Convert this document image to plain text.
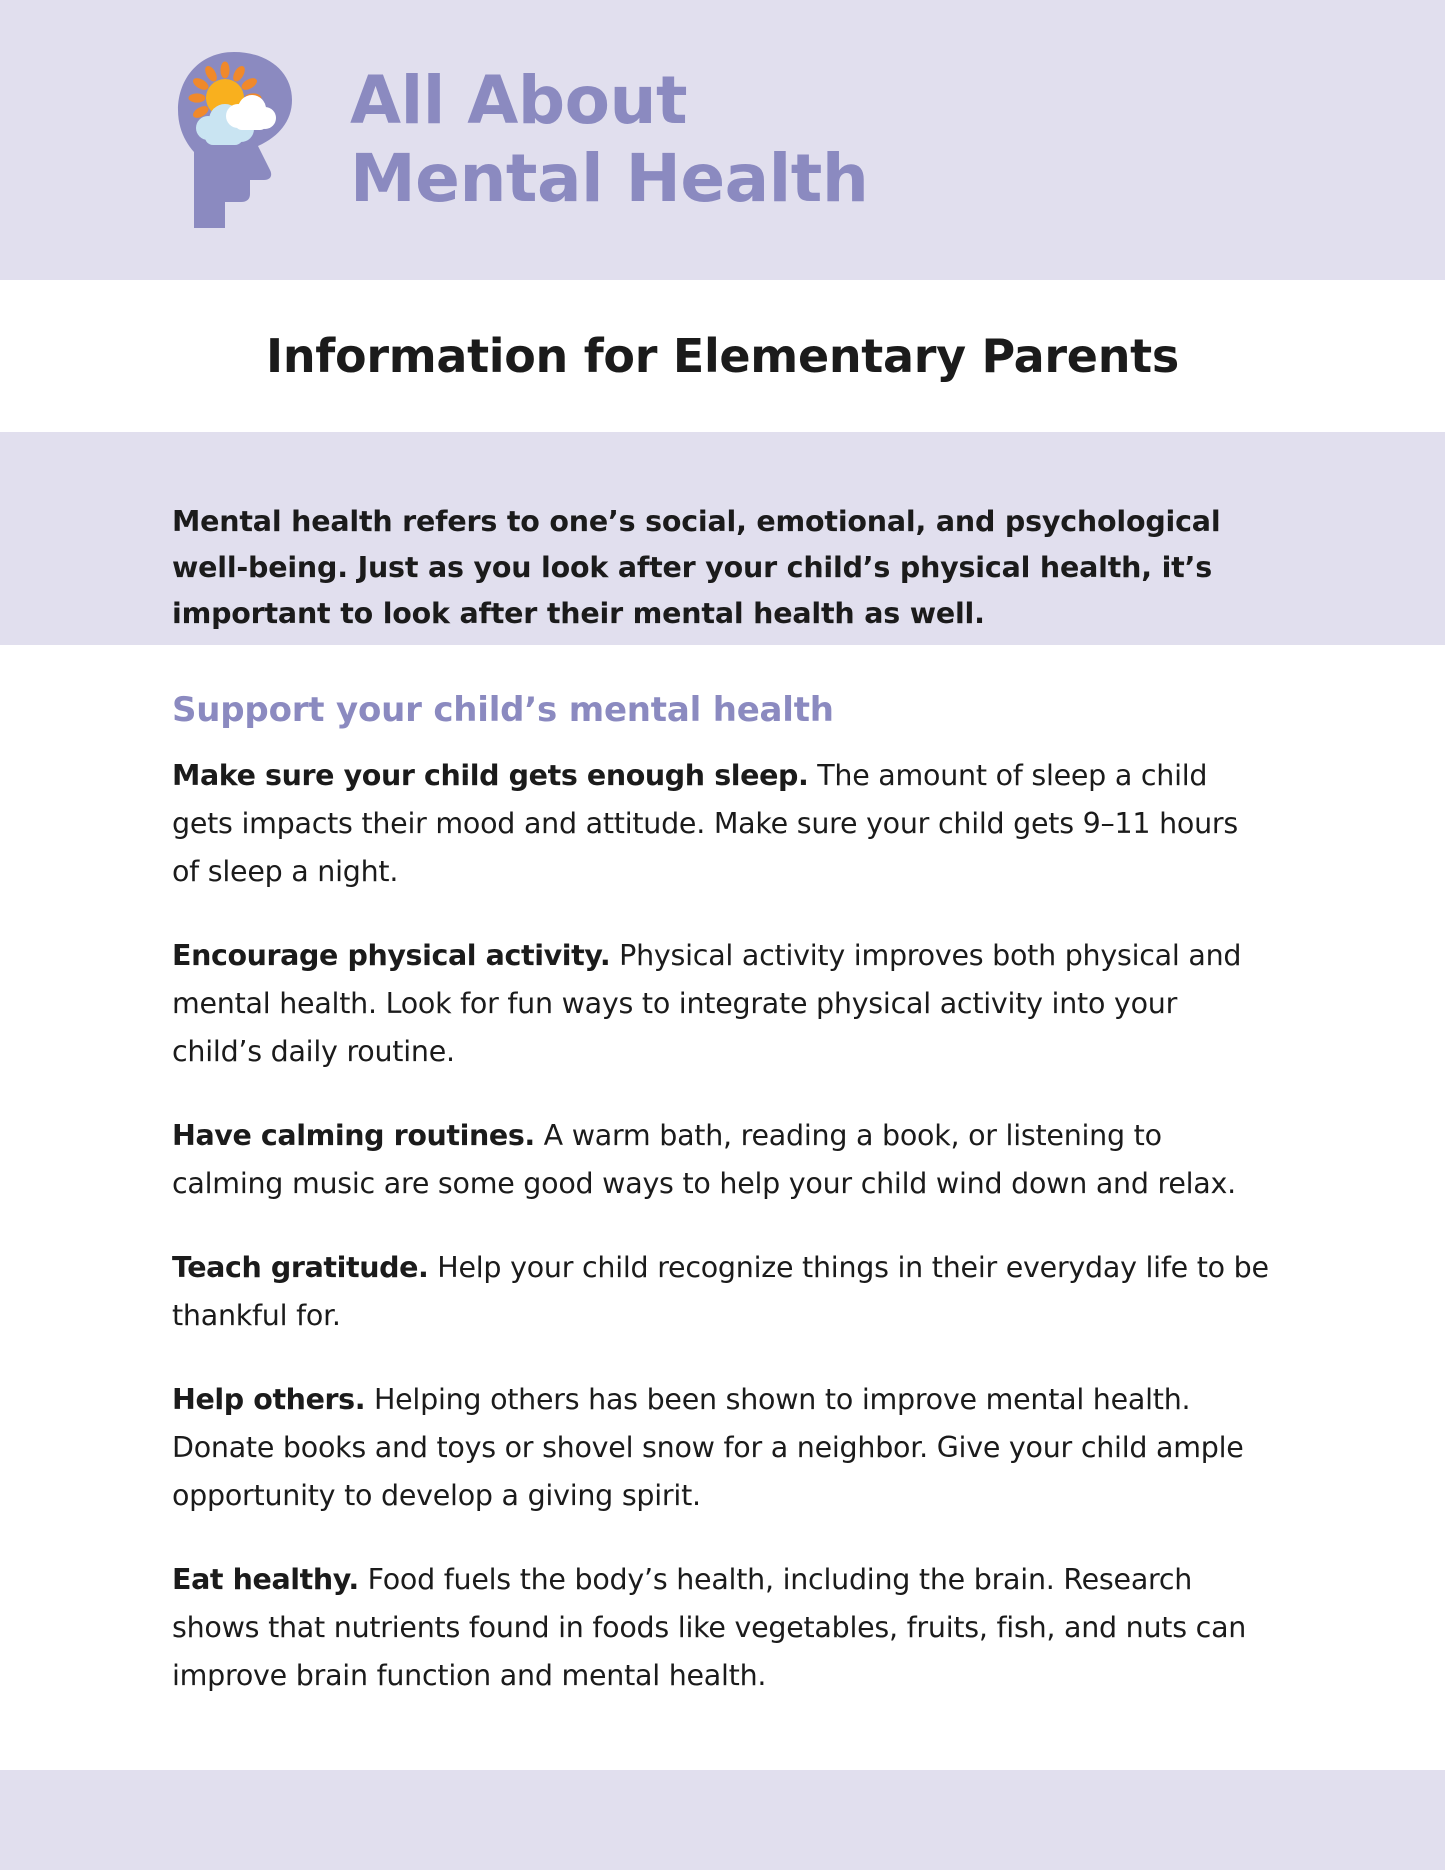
All About
Mental Health
Information for Elementary Parents

Mental health refers to one’s social, emotional, and psychological well-being. Just as you look after your child’s physical health, it’s important to look after their mental health as well.

Support your child’s mental health

Make sure your child gets enough sleep. The amount of sleep a child gets impacts their mood and attitude. Make sure your child gets 9–11 hours of sleep a night.

Encourage physical activity. Physical activity improves both physical and mental health. Look for fun ways to integrate physical activity into your child’s daily routine.

Have calming routines. A warm bath, reading a book, or listening to calming music are some good ways to help your child wind down and relax.

Teach gratitude. Help your child recognize things in their everyday life to be thankful for.

Help others. Helping others has been shown to improve mental health. Donate books and toys or shovel snow for a neighbor. Give your child ample opportunity to develop a giving spirit.

Eat healthy. Food fuels the body’s health, including the brain. Research shows that nutrients found in foods like vegetables, fruits, fish, and nuts can improve brain function and mental health.
